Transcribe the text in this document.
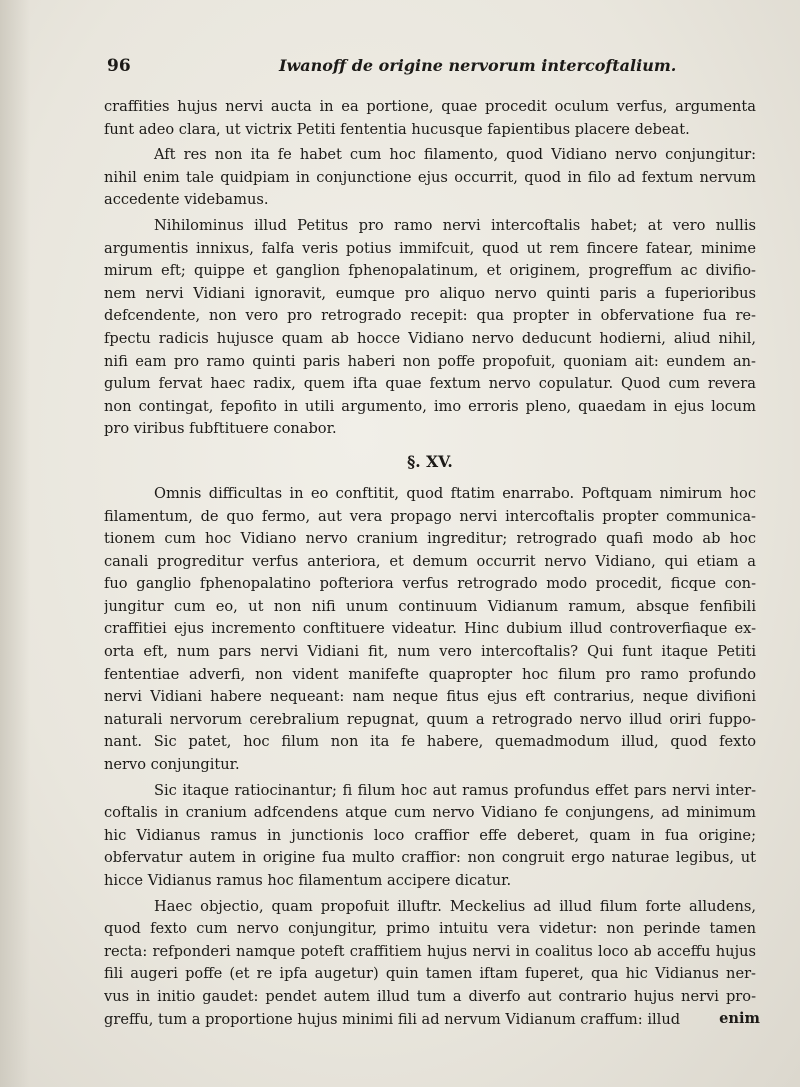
96	Iwanoff de origine nervorum intercoftalium.
craffities hujus nervi aucta in ea portione, quae procedit oculum verfus, argumenta
funt adeo clara, ut victrix Petiti fententia hucusque fapientibus placere debeat.
Aft res non ita fe habet cum hoc filamento, quod Vidiano nervo conjungitur:
nihil enim tale quidpiam in conjunctione ejus occurrit, quod in filo ad fextum nervum
accedente videbamus.
Nihilominus illud Petitus pro ramo nervi intercoftalis habet; at vero nullis
argumentis innixus, falfa veris potius immifcuit, quod ut rem fincere fatear, minime
mirum eft; quippe et ganglion fphenopalatinum, et originem, progreffum ac divifio-
nem nervi Vidiani ignoravit, eumque pro aliquo nervo quinti paris a fuperioribus
defcendente, non vero pro retrogrado recepit: qua propter in obfervatione fua re-
fpectu radicis hujusce quam ab hocce Vidiano nervo deducunt hodierni, aliud nihil,
nifi eam pro ramo quinti paris haberi non poffe propofuit, quoniam ait: eundem an-
gulum fervat haec radix, quem ifta quae fextum nervo copulatur. Quod cum revera
non contingat, fepofito in utili argumento, imo erroris pleno, quaedam in ejus locum
pro viribus fubftituere conabor.
§. XV.
Omnis difficultas in eo conftitit, quod ftatim enarrabo. Poftquam nimirum hoc
filamentum, de quo fermo, aut vera propago nervi intercoftalis propter communica-
tionem cum hoc Vidiano nervo cranium ingreditur; retrogrado quafi modo ab hoc
canali progreditur verfus anteriora, et demum occurrit nervo Vidiano, qui etiam a
fuo ganglio fphenopalatino pofteriora verfus retrogrado modo procedit, ficque con-
jungitur cum eo, ut non nifi unum continuum Vidianum ramum, absque fenfibili
craffitiei ejus incremento conftituere videatur. Hinc dubium illud controverfiaque ex-
orta eft, num pars nervi Vidiani fit, num vero intercoftalis? Qui funt itaque Petiti
fententiae adverfi, non vident manifefte quapropter hoc filum pro ramo profundo
nervi Vidiani habere nequeant: nam neque fitus ejus eft contrarius, neque divifioni
naturali nervorum cerebralium repugnat, quum a retrogrado nervo illud oriri fuppo-
nant. Sic patet, hoc filum non ita fe habere, quemadmodum illud, quod fexto
nervo conjungitur.
Sic itaque ratiocinantur; fi filum hoc aut ramus profundus effet pars nervi inter-
coftalis in cranium adfcendens atque cum nervo Vidiano fe conjungens, ad minimum
hic Vidianus ramus in junctionis loco craffior effe deberet, quam in fua origine;
obfervatur autem in origine fua multo craffior: non congruit ergo naturae legibus, ut
hicce Vidianus ramus hoc filamentum accipere dicatur.
Haec objectio, quam propofuit illuftr. Meckelius ad illud filum forte alludens,
quod fexto cum nervo conjungitur, primo intuitu vera videtur: non perinde tamen
recta: refponderi namque poteft craffitiem hujus nervi in coalitus loco ab acceffu hujus
fili augeri poffe (et re ipfa augetur) quin tamen iftam fuperet, qua hic Vidianus ner-
vus in initio gaudet: pendet autem illud tum a diverfo aut contrario hujus nervi pro-
greffu, tum a proportione hujus minimi fili ad nervum Vidianum craffum: illud	enim
